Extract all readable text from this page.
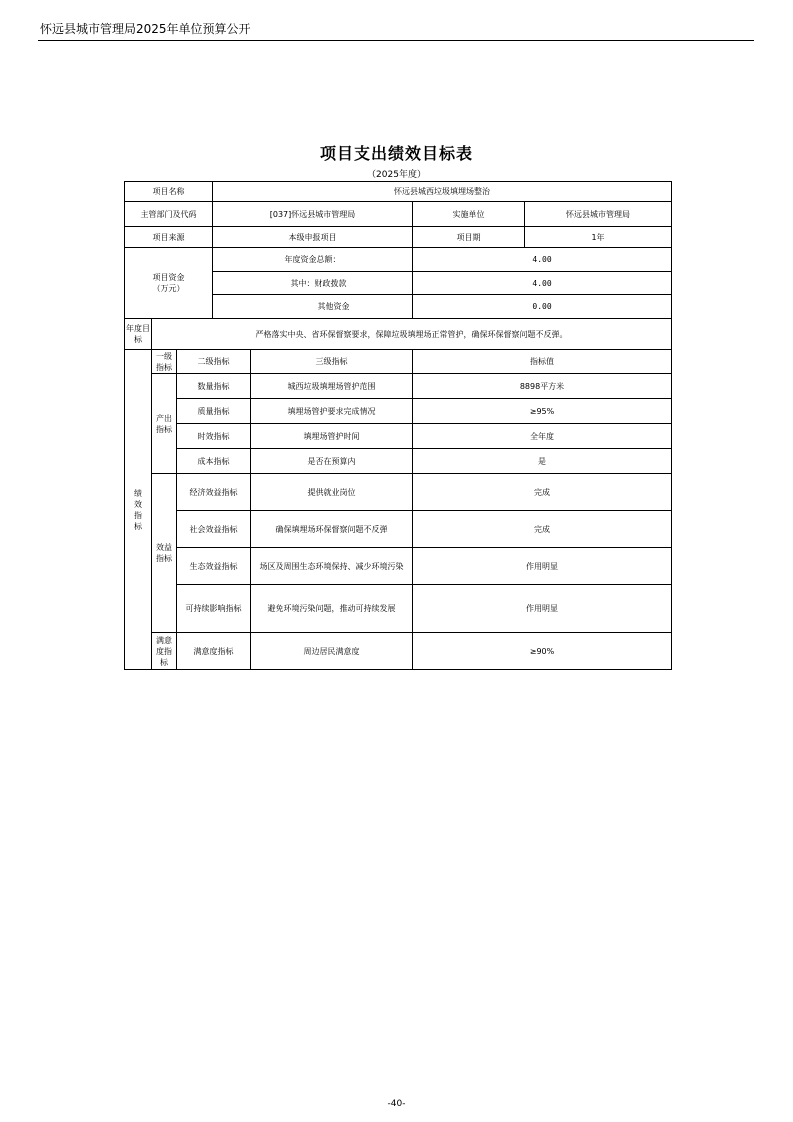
怀远县城市管理局2025年单位预算公开
项目支出绩效目标表
（2025年度）
项目名称			怀远县城西垃圾填埋场整治			
主管部门及代码			[037]怀远县城市管理局		实施单位	怀远县城市管理局
项目来源			本级申报项目		项目期	1年

项目资金
（万元）			年度资金总额：		4.00	
			其中：财政拨款		4.00	
			其他资金		0.00	
年度目标	严格落实中央、省环保督察要求，保障垃圾填埋场正常管护，确保环保督察问题不反弹。					
绩效指标	一级指标	二级指标		三级指标	指标值	
	产出指标	数量指标		城西垃圾填埋场管护范围	8898平方米	
		质量指标		填埋场管护要求完成情况	≥95%	
		时效指标		填埋场管护时间	全年度	
		成本指标		是否在预算内	是	
	效益指标	经济效益指标		提供就业岗位	完成	
		社会效益指标		确保填埋场环保督察问题不反弹	完成	
		生态效益指标		场区及周围生态环境保持、减少环境污染	作用明显	
		可持续影响指标		避免环境污染问题，推动可持续发展	作用明显	
	满意度指标	满意度指标		周边居民满意度	≥90%	
-40-
